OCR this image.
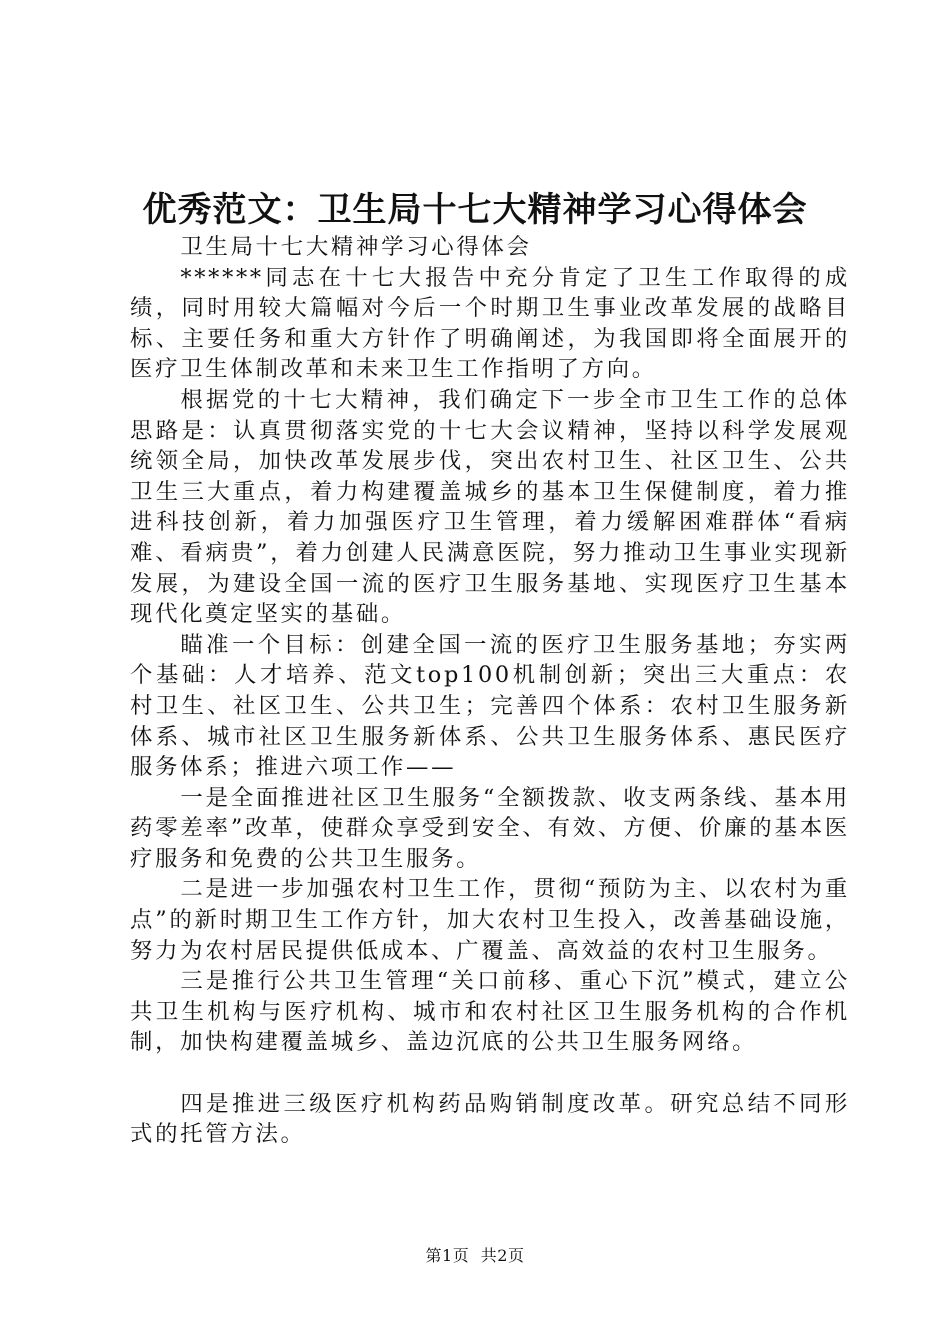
优秀范文：卫生局十七大精神学习心得体会

卫生局十七大精神学习心得体会

******同志在十七大报告中充分肯定了卫生工作取得的成绩，同时用较大篇幅对今后一个时期卫生事业改革发展的战略目标、主要任务和重大方针作了明确阐述，为我国即将全面展开的医疗卫生体制改革和未来卫生工作指明了方向。

根据党的十七大精神，我们确定下一步全市卫生工作的总体思路是：认真贯彻落实党的十七大会议精神，坚持以科学发展观统领全局，加快改革发展步伐，突出农村卫生、社区卫生、公共卫生三大重点，着力构建覆盖城乡的基本卫生保健制度，着力推进科技创新，着力加强医疗卫生管理，着力缓解困难群体“看病难、看病贵”，着力创建人民满意医院，努力推动卫生事业实现新发展，为建设全国一流的医疗卫生服务基地、实现医疗卫生基本现代化奠定坚实的基础。

瞄准一个目标：创建全国一流的医疗卫生服务基地；夯实两个基础：人才培养、范文top100机制创新；突出三大重点：农村卫生、社区卫生、公共卫生；完善四个体系：农村卫生服务新体系、城市社区卫生服务新体系、公共卫生服务体系、惠民医疗服务体系；推进六项工作——

一是全面推进社区卫生服务“全额拨款、收支两条线、基本用药零差率”改革，使群众享受到安全、有效、方便、价廉的基本医疗服务和免费的公共卫生服务。

二是进一步加强农村卫生工作，贯彻“预防为主、以农村为重点”的新时期卫生工作方针，加大农村卫生投入，改善基础设施，努力为农村居民提供低成本、广覆盖、高效益的农村卫生服务。

三是推行公共卫生管理“关口前移、重心下沉”模式，建立公共卫生机构与医疗机构、城市和农村社区卫生服务机构的合作机制，加快构建覆盖城乡、盖边沉底的公共卫生服务网络。

四是推进三级医疗机构药品购销制度改革。研究总结不同形式的托管方法。

第1页 共2页
